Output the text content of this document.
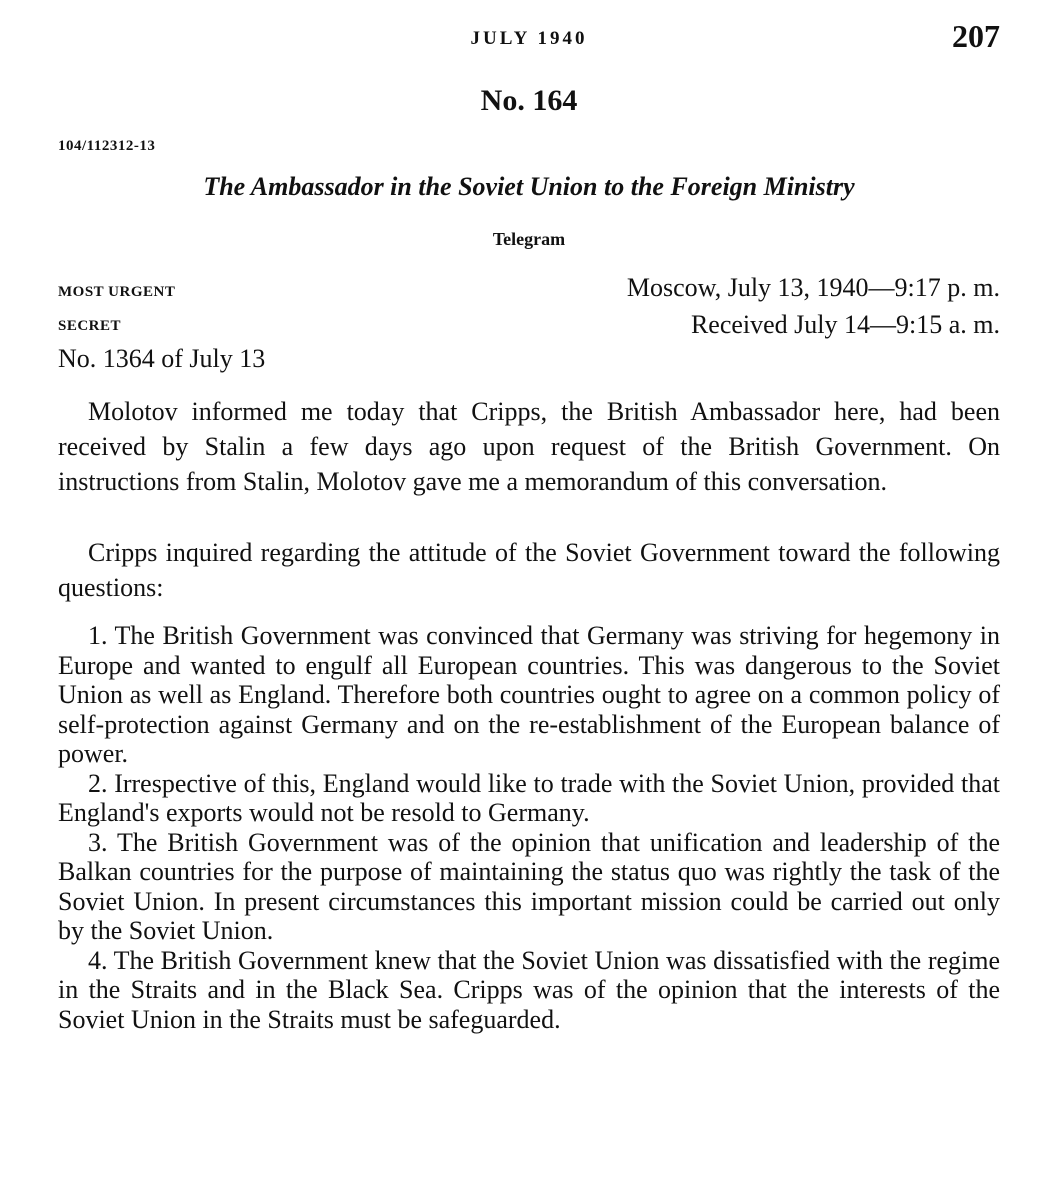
JULY 1940	207
No. 164
104/112312-13
The Ambassador in the Soviet Union to the Foreign Ministry
Telegram
MOST URGENT
SECRET
Moscow, July 13, 1940—9:17 p. m.
Received July 14—9:15 a. m.
No. 1364 of July 13

Molotov informed me today that Cripps, the British Ambassador here, had been received by Stalin a few days ago upon request of the British Government. On instructions from Stalin, Molotov gave me a memorandum of this conversation.

Cripps inquired regarding the attitude of the Soviet Government toward the following questions:

1. The British Government was convinced that Germany was striving for hegemony in Europe and wanted to engulf all European countries. This was dangerous to the Soviet Union as well as England. Therefore both countries ought to agree on a common policy of self-protection against Germany and on the re-establishment of the European balance of power.

2. Irrespective of this, England would like to trade with the Soviet Union, provided that England's exports would not be resold to Germany.

3. The British Government was of the opinion that unification and leadership of the Balkan countries for the purpose of maintaining the status quo was rightly the task of the Soviet Union. In present circumstances this important mission could be carried out only by the Soviet Union.

4. The British Government knew that the Soviet Union was dissatisfied with the regime in the Straits and in the Black Sea. Cripps was of the opinion that the interests of the Soviet Union in the Straits must be safeguarded.
